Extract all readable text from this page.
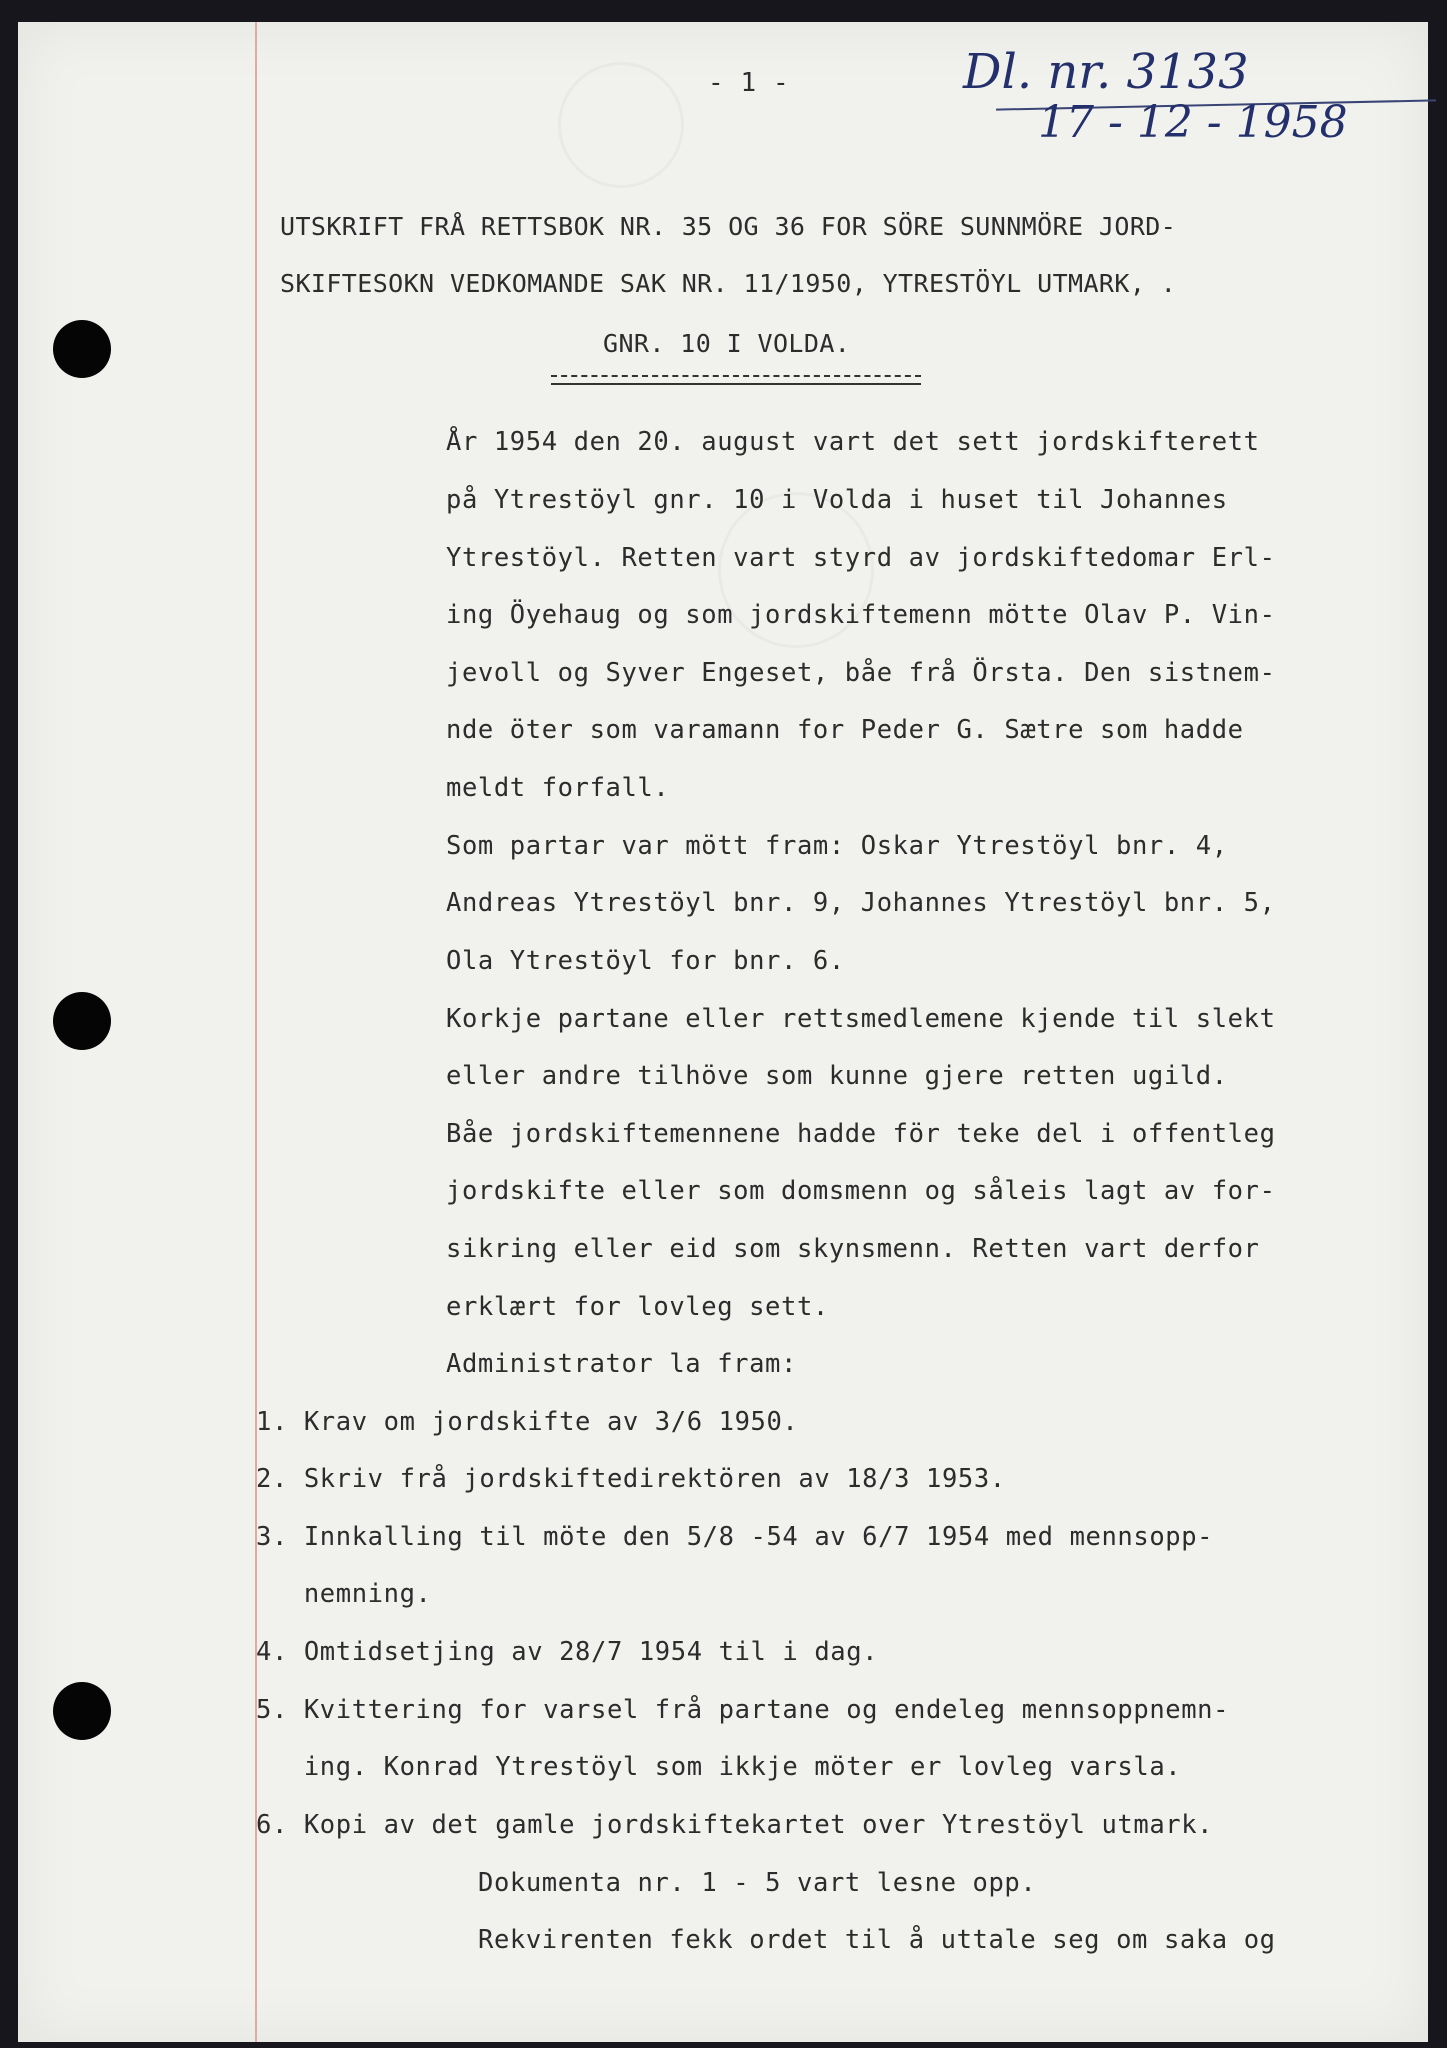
- 1 -	Dl. nr. 3133
17 - 12 - 1958
UTSKRIFT FRÅ RETTSBOK NR. 35 OG 36 FOR SÖRE SUNNMÖRE JORD-
SKIFTESOKN VEDKOMANDE SAK NR. 11/1950, YTRESTÖYL UTMARK, .
GNR. 10 I VOLDA.
År 1954 den 20. august vart det sett jordskifterett
på Ytrestöyl gnr. 10 i Volda i huset til Johannes
Ytrestöyl. Retten vart styrd av jordskiftedomar Erl-
ing Öyehaug og som jordskiftemenn mötte Olav P. Vin-
jevoll og Syver Engeset, båe frå Örsta. Den sistnem-
nde öter som varamann for Peder G. Sætre som hadde
meldt forfall.
Som partar var mött fram: Oskar Ytrestöyl bnr. 4,
Andreas Ytrestöyl bnr. 9, Johannes Ytrestöyl bnr. 5,
Ola Ytrestöyl for bnr. 6.
Korkje partane eller rettsmedlemene kjende til slekt
eller andre tilhöve som kunne gjere retten ugild.
Båe jordskiftemennene hadde för teke del i offentleg
jordskifte eller som domsmenn og såleis lagt av for-
sikring eller eid som skynsmenn. Retten vart derfor
erklært for lovleg sett.
Administrator la fram:
1. Krav om jordskifte av 3/6 1950.
2. Skriv frå jordskiftedirektören av 18/3 1953.
3. Innkalling til möte den 5/8 -54 av 6/7 1954 med mennsopp-
nemning.
4. Omtidsetjing av 28/7 1954 til i dag.
5. Kvittering for varsel frå partane og endeleg mennsoppnemn-
ing. Konrad Ytrestöyl som ikkje möter er lovleg varsla.
6. Kopi av det gamle jordskiftekartet over Ytrestöyl utmark.
Dokumenta nr. 1 - 5 vart lesne opp.
Rekvirenten fekk ordet til å uttale seg om saka og
